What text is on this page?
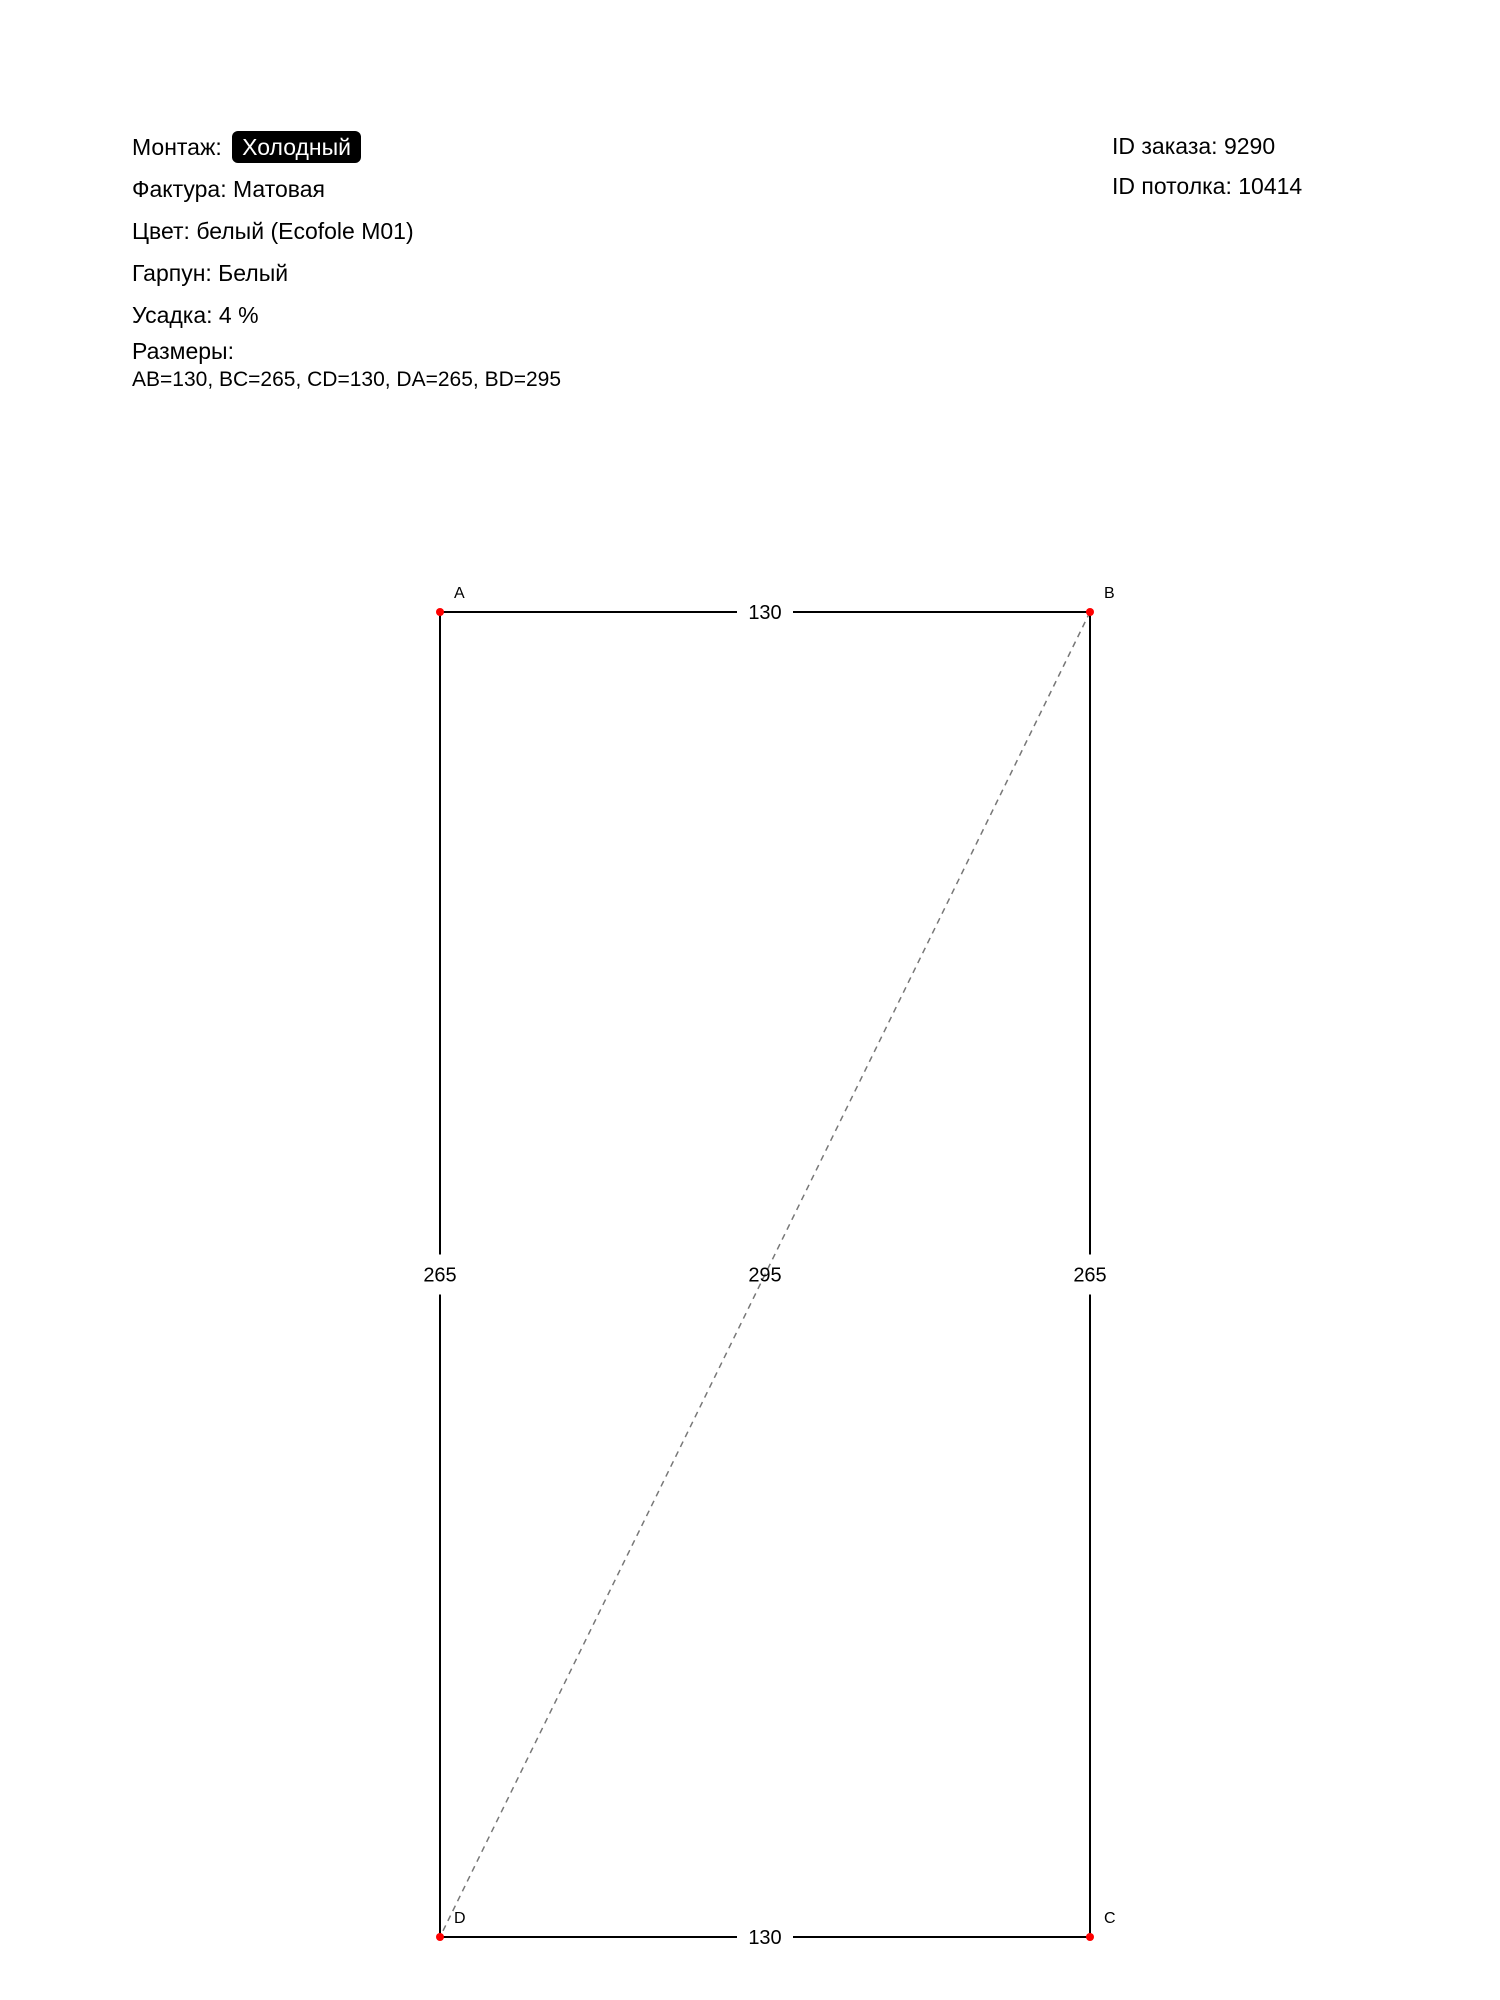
Монтаж: Холодный
Фактура: Матовая
Цвет: белый (Ecofole M01)
Гарпун: Белый
Усадка: 4 %
Размеры:
AB=130, BC=265, CD=130, DA=265, BD=295
ID заказа: 9290
ID потолка: 10414
130
265
130
265	295
A	B
C
D
